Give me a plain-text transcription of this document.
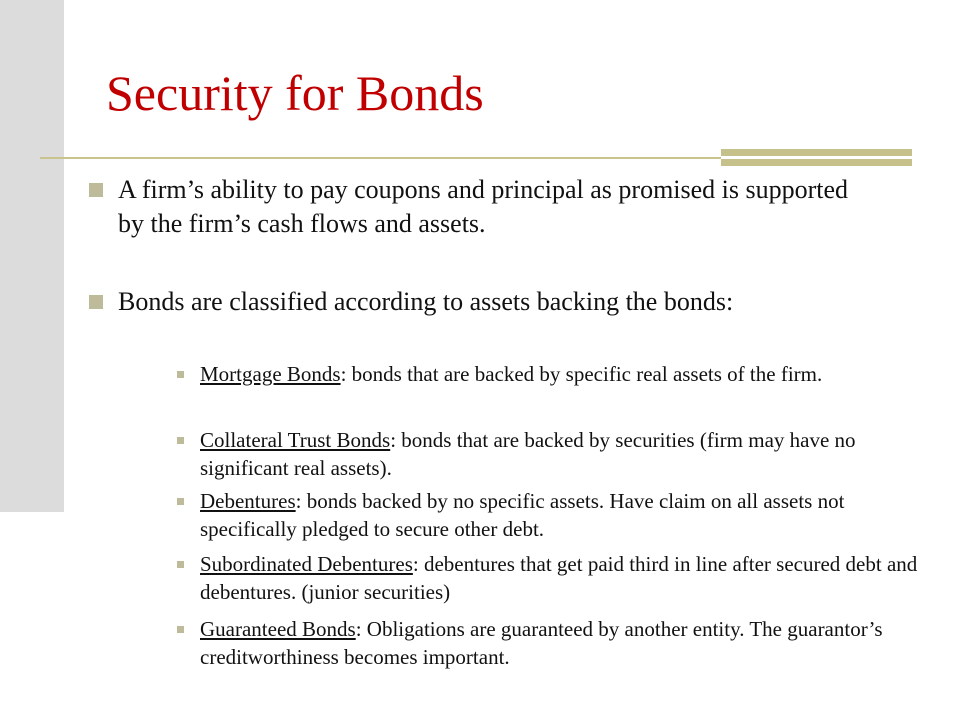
Security for Bonds
A firm’s ability to pay coupons and principal as promised is supported by the firm’s cash flows and assets.
Bonds are classified according to assets backing the bonds:
Mortgage Bonds: bonds that are backed by specific real assets of the firm.
Collateral Trust Bonds: bonds that are backed by securities (firm may have no significant real assets).
Debentures: bonds backed by no specific assets. Have claim on all assets not specifically pledged to secure other debt.
Subordinated Debentures: debentures that get paid third in line after secured debt and debentures. (junior securities)
Guaranteed Bonds: Obligations are guaranteed by another entity. The guarantor’s creditworthiness becomes important.
